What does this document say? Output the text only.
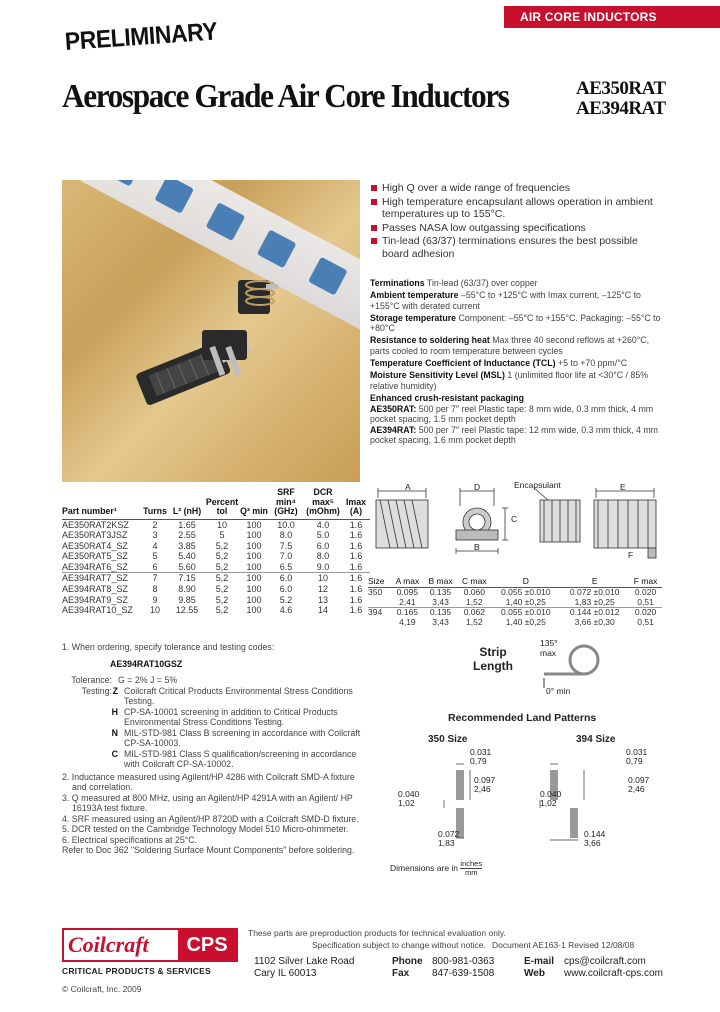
AIR CORE INDUCTORS
PRELIMINARY
Aerospace Grade Air Core Inductors	AE350RAT
AE394RAT
High Q over a wide range of frequencies
High temperature encapsulant allows operation in ambient temperatures up to 155°C.
Passes NASA low outgassing specifications
Tin-lead (63/37) terminations ensures the best possible board adhesion
Terminations Tin-lead (63/37) over copper
Ambient temperature –55°C to +125°C with Imax current, –125°C to +155°C with derated current
Storage temperature Component: –55°C to +155°C. Packaging: –55°C to +80°C
Resistance to soldering heat Max three 40 second reflows at +260°C, parts cooled to room temperature between cycles
Temperature Coefficient of Inductance (TCL) +5 to +70 ppm/°C
Moisture Sensitivity Level (MSL) 1 (unlimited floor life at <30°C / 85% relative humidity)
Enhanced crush-resistant packaging
AE350RAT: 500 per 7″ reel Plastic tape: 8 mm wide, 0.3 mm thick, 4 mm pocket spacing, 1.5 mm pocket depth
AE394RAT: 500 per 7″ reel Plastic tape: 12 mm wide, 0.3 mm thick, 4 mm pocket spacing, 1.6 mm pocket depth
Part number¹	Turns	L² (nH)	Percent tol	Q³ min	SRF min⁴ (GHz)	DCR max⁵ (mOhm)	Imax (A)
AE350RAT2KSZ	2	1.65	10	100	10.0	4.0	1.6
AE350RAT3JSZ	3	2.55	5	100	8.0	5.0	1.6
AE350RAT4_SZ	4	3.85	5,2	100	7.5	6.0	1.6
AE350RAT5_SZ	5	5.40	5,2	100	7.0	8.0	1.6
AE394RAT6_SZ	6	5.60	5,2	100	6.5	9.0	1.6
AE394RAT7_SZ	7	7.15	5,2	100	6.0	10	1.6
AE394RAT8_SZ	8	8.90	5,2	100	6.0	12	1.6
AE394RAT9_SZ	9	9.85	5,2	100	5.2	13	1.6
AE394RAT10_SZ	10	12.55	5,2	100	4.6	14	1.6
A	D
B
C
Encapsulant	E
F
Size	A max	B max	C max	D	E	F max
350	0.095	0.135	0.060	0.055 ±0.010	0.072 ±0.010	0.020
	2,41	3,43	1,52	1,40 ±0,25	1,83 ±0,25	0,51
394	0.165	0.135	0.062	0.055 ±0.010	0.144 ±0.012	0.020
	4,19	3,43	1,52	1,40 ±0,25	3,66 ±0,30	0,51
Strip
Length
135° max
0° min
Recommended Land Patterns
350 Size	394 Size
0.031
0,79
0.097
2,46
0.040
1,02
0.072
1,83
0.031
0,79
0.097
2,46
0.040
1,02
0.144
3,66
Dimensions are in inches
mm
1. When ordering, specify tolerance and testing codes:
AE394RAT10GSZ
Tolerance: G = 2% J = 5%
Testing: Z Coilcraft Critical Products Environmental Stress Conditions Testing.
H CP-SA-10001 screening in addition to Critical Products Environmental Stress Conditions Testing.
N MIL-STD-981 Class B screening in accordance with Coilcraft CP-SA-10003.
C MIL-STD-981 Class S qualification/screening in accordance with Coilcraft CP-SA-10002.
2. Inductance measured using Agilent/HP 4286 with Coilcraft SMD-A fixture and correlation.
3. Q measured at 800 MHz, using an Agilent/HP 4291A with an Agilent/ HP 16193A test fixture.
4. SRF measured using an Agilent/HP 8720D with a Coilcraft SMD-D fixture.
5. DCR tested on the Cambridge Technology Model 510 Micro-ohmmeter.
6. Electrical specifications at 25°C.
Refer to Doc 362 "Soldering Surface Mount Components" before soldering.
These parts are preproduction products for technical evaluation only.
Specification subject to change without notice. Document AE163-1 Revised 12/08/08
Coilcraft	CPS
CRITICAL PRODUCTS & SERVICES
© Coilcraft, Inc. 2009
1102 Silver Lake Road
Cary IL 60013
Phone 800-981-0363
Fax 847-639-1508
E-mail cps@coilcraft.com
Web www.coilcraft-cps.com
